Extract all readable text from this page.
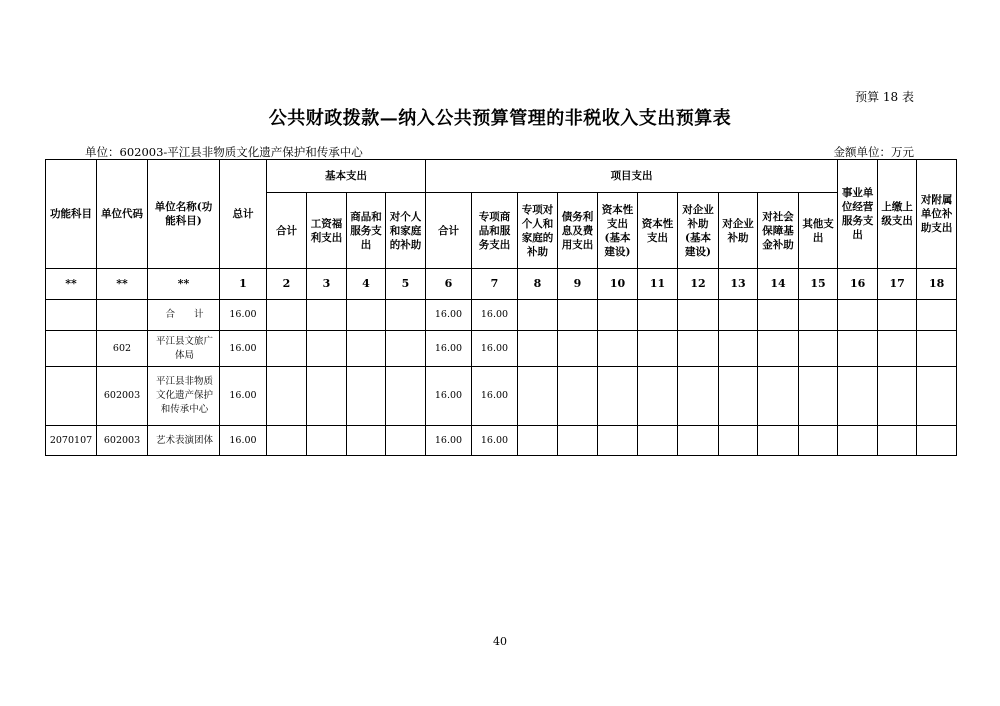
预算 18 表
公共财政拨款—纳入公共预算管理的非税收入支出预算表
单位：602003-平江县非物质文化遗产保护和传承中心	金额单位：万元
功能科目	单位代码	单位名称(功能科目)	总计	基本支出				项目支出										事业单位经营服务支出	上缴上级支出	对附属单位补助支出
				合计	工资福利支出	商品和服务支出	对个人和家庭的补助	合计	专项商品和服务支出	专项对个人和家庭的补助	债务利息及费用支出	资本性支出(基本建设)	资本性支出	对企业补助(基本建设)	对企业补助	对社会保障基金补助	其他支出			
**	**	**	1	2	3	4	5	6	7	8	9	10	11	12	13	14	15	16	17	18
		合　　计	16.00					16.00	16.00											
	602	平江县文旅广体局	16.00					16.00	16.00											
	602003	平江县非物质文化遗产保护和传承中心	16.00					16.00	16.00											
2070107	602003	艺术表演团体	16.00					16.00	16.00											
40
